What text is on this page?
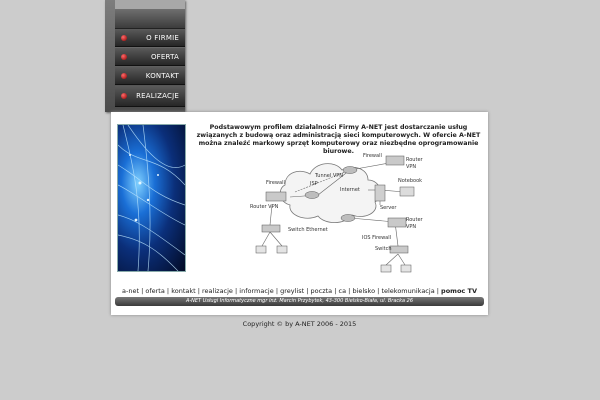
O FIRMIE
OFERTA
KONTAKT
REALIZACJE
Podstawowym profilem działalności Firmy A-NET jest dostarczanie usług związanych z budową oraz administracją sieci komputerowych. W ofercie A-NET można znaleźć markowy sprzęt komputerowy oraz niezbędne oprogramowanie biurowe.
Firewall
Router VPN
Tunnel VPN
ISP
Internet
Firewall
Router
VPN
Notebook
Server
Router
VPN
IOS Firewall
Switch Ethernet
Switch
a-net | oferta | kontakt | realizacje | informacje | greylist | poczta | ca | bielsko | telekomunikacja | pomoc TV
A-NET Usługi Informatyczne mgr inż. Marcin Przybytek, 43-300 Bielsko-Biała, ul. Bracka 26
Copyright © by A-NET 2006 - 2015
